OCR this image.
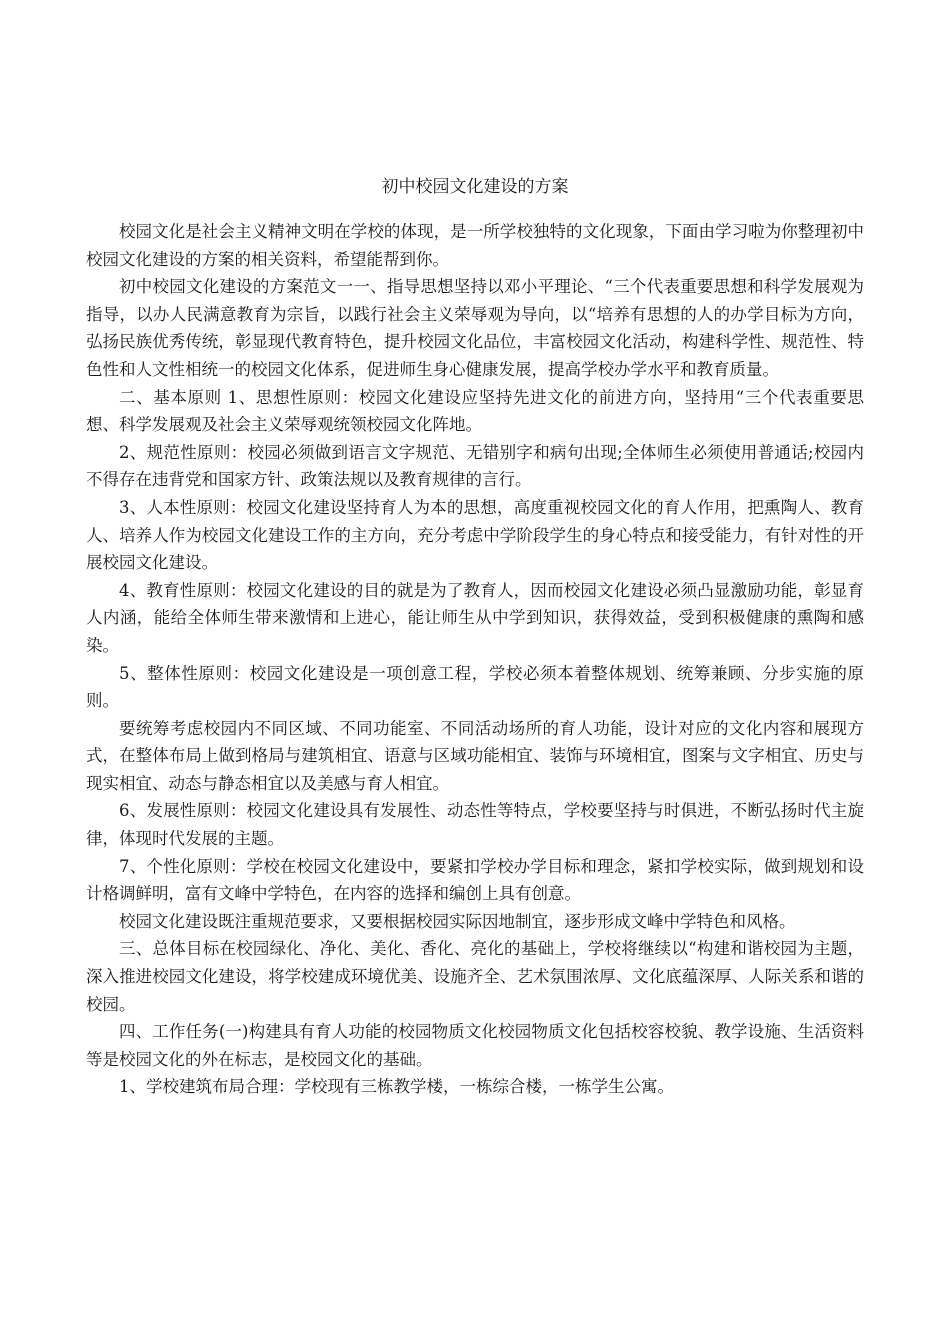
初中校园文化建设的方案

校园文化是社会主义精神文明在学校的体现，是一所学校独特的文化现象，下面由学习啦为你整理初中校园文化建设的方案的相关资料，希望能帮到你。

初中校园文化建设的方案范文一一、指导思想坚持以邓小平理论、“三个代表重要思想和科学发展观为指导，以办人民满意教育为宗旨，以践行社会主义荣辱观为导向，以“培养有思想的人的办学目标为方向，弘扬民族优秀传统，彰显现代教育特色，提升校园文化品位，丰富校园文化活动，构建科学性、规范性、特色性和人文性相统一的校园文化体系，促进师生身心健康发展，提高学校办学水平和教育质量。

二、基本原则 1、思想性原则：校园文化建设应坚持先进文化的前进方向，坚持用“三个代表重要思想、科学发展观及社会主义荣辱观统领校园文化阵地。

2、规范性原则：校园必须做到语言文字规范、无错别字和病句出现;全体师生必须使用普通话;校园内不得存在违背党和国家方针、政策法规以及教育规律的言行。

3、人本性原则：校园文化建设坚持育人为本的思想，高度重视校园文化的育人作用，把熏陶人、教育人、培养人作为校园文化建设工作的主方向，充分考虑中学阶段学生的身心特点和接受能力，有针对性的开展校园文化建设。

4、教育性原则：校园文化建设的目的就是为了教育人，因而校园文化建设必须凸显激励功能，彰显育人内涵，能给全体师生带来激情和上进心，能让师生从中学到知识，获得效益，受到积极健康的熏陶和感染。

5、整体性原则：校园文化建设是一项创意工程，学校必须本着整体规划、统筹兼顾、分步实施的原则。

要统筹考虑校园内不同区域、不同功能室、不同活动场所的育人功能，设计对应的文化内容和展现方式，在整体布局上做到格局与建筑相宜、语意与区域功能相宜、装饰与环境相宜，图案与文字相宜、历史与现实相宜、动态与静态相宜以及美感与育人相宜。

6、发展性原则：校园文化建设具有发展性、动态性等特点，学校要坚持与时俱进，不断弘扬时代主旋律，体现时代发展的主题。

7、个性化原则：学校在校园文化建设中，要紧扣学校办学目标和理念，紧扣学校实际，做到规划和设计格调鲜明，富有文峰中学特色，在内容的选择和编创上具有创意。

校园文化建设既注重规范要求，又要根据校园实际因地制宜，逐步形成文峰中学特色和风格。

三、总体目标在校园绿化、净化、美化、香化、亮化的基础上，学校将继续以“构建和谐校园为主题，深入推进校园文化建设，将学校建成环境优美、设施齐全、艺术氛围浓厚、文化底蕴深厚、人际关系和谐的校园。

四、工作任务(一)构建具有育人功能的校园物质文化校园物质文化包括校容校貌、教学设施、生活资料等是校园文化的外在标志，是校园文化的基础。

1、学校建筑布局合理：学校现有三栋教学楼，一栋综合楼，一栋学生公寓。
